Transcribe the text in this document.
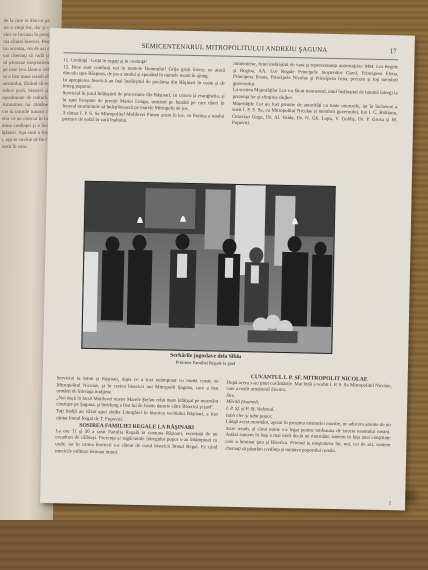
de la care ei dintr-o parte a vieţii lor, dar şi celor ce locuiau în preajma sfintei biserici. Pentru aceasta, cei de azi sunt chemaţi să vadă şi să păstreze moştenirea pe care le-a lăsat-o cel ce a fost mare ierarh al neamului, făcând să se ridice şcoli, biserici şi aşezăminte de cultură. Amintirea lui rămâne vie în inimile tuturor celor ce au crescut în lumina credinţei şi a învăţăturii. Aşa cum a fost, aşa se cuvine să fie cinstit în veac.
SEMICENTENARUL MITROPOLITULUI ANDREIU ŞAGUNA	17

11. Credinţă : Grijă în rugaţi şi în credinţă!

12. Bine sunt condusă voi în numele Domnului! Grija grijii lovesc ne atacă dincolo spre Răspuns, de jos a unului şi spunând în numele neam în ajung.

In apropierea biserică au înal însfârşitul de pocăinţa din Răşinari în ceata şi de întreg poporul.

Serviciul în jurul înfăţişării de procesiune din Răşinari, cu crucea şi evanghelia, şi în sunt începute de preoţii Mariei Lungu, urmând pe bunătă pe care tăieri în funeral mormintele să îndeplinească pe marele Mitropolit de jos.

A rămas I. P. S. Sa Mitropolitul Moldovei Pimen acum în loc, cu fruntea a noului pietrare de nobil în vară înaltului.

mintentelor, fiind însfârşitul de vară şi reprezentanţii autorităţilor: MM. Lor Regele şi Regina, AA. Lor Regale Principele moştenitor Carol, Principesa Elena, Principesa Ileana, Principele Nicolae şi Principesa Irina, precum şi toţi membrii guvernului.

La sosirea Majestăţilor Lor s-a făcut momentul, unul însfârşitul de lumină întregi la prezenţa lor şi sfinţirea slujbei.

Majestăţile Lor au fost primite de autorităţi cu toate onorurile, iar în încheiere a sosit I. P. S. Sa, cu Mitropolitul Nicolae şi membrii guvernului, Ion I. C. Brătianu, Octavian Goga, Dr. Al. Vaida, Dr. N. Gh. Lupu, V. Goldiş, Dr. P. Groza şi M. Popovici.

Serbările jugoslave dela Sibiu
Primirea Familiei Regale la gară

Serviciul la Sibiu şi Răşinari, după ce a fost întâmpinat cu multă cinste de Mitropolitul Nicolae, şi în curtea bisericii noi Mitropolit Şaguna, care a fost urmărit de întreaga mulţime.

„Noi dacă în locul Moldovei nostre Marele Ştefan celui mare înfăţişat pe mormânt cinsteşte pe Şaguna, şi îndelung a fost lui de frunte datorie către Biserică şi ţară".

Toţi înalţii au văzut apoi slujba Liturghiei în biserica vechiului Răşinari, a fost cântat Imnul Regal de T. Popovici.

SOSIREA FAMILIEI REGALE LA RĂŞINARI

La ora 11 şi 30 a sosit Familia Regală în comuna Răşinari, escortată de un escadron de călăraşi. Prezenţa şi rugăciunile întregului popor s-au întâmpinat cu urale, iar în curtea bisericii s-a cântat de corul bisericii Imnul Regal. Pe când muzicile militare intonau imnul.

CUVÂNTUL I. P. SF. MITROPOLIT NICOLAE

După aceea s-au ţinut cuvântările. Mai întâi a vorbit I. P. S. Sa Mitropolitul Nicolae, care a rostit următorul discurs:

Sire,

Mărită Doamnă,

I. P. Sf. şi P. Sf. Vedemul,

Iubit cler şi iubit popor,

Lângă acest mormânt, aşezat în preajma memoriei noastre, ne aducem aminte de un mare ierarh, al cărui nume s-a legat pentru totdeauna de istoria neamului nostru. Astăzi suntem în faţa a mai mult decât un mormânt, suntem în faţa unei conştiinţe care a luminat ţara şi Biserica. Privind la moştenirea lui, noi, cei de azi, suntem chemaţi să păstrăm credinţa şi unitatea poporului român.

2
